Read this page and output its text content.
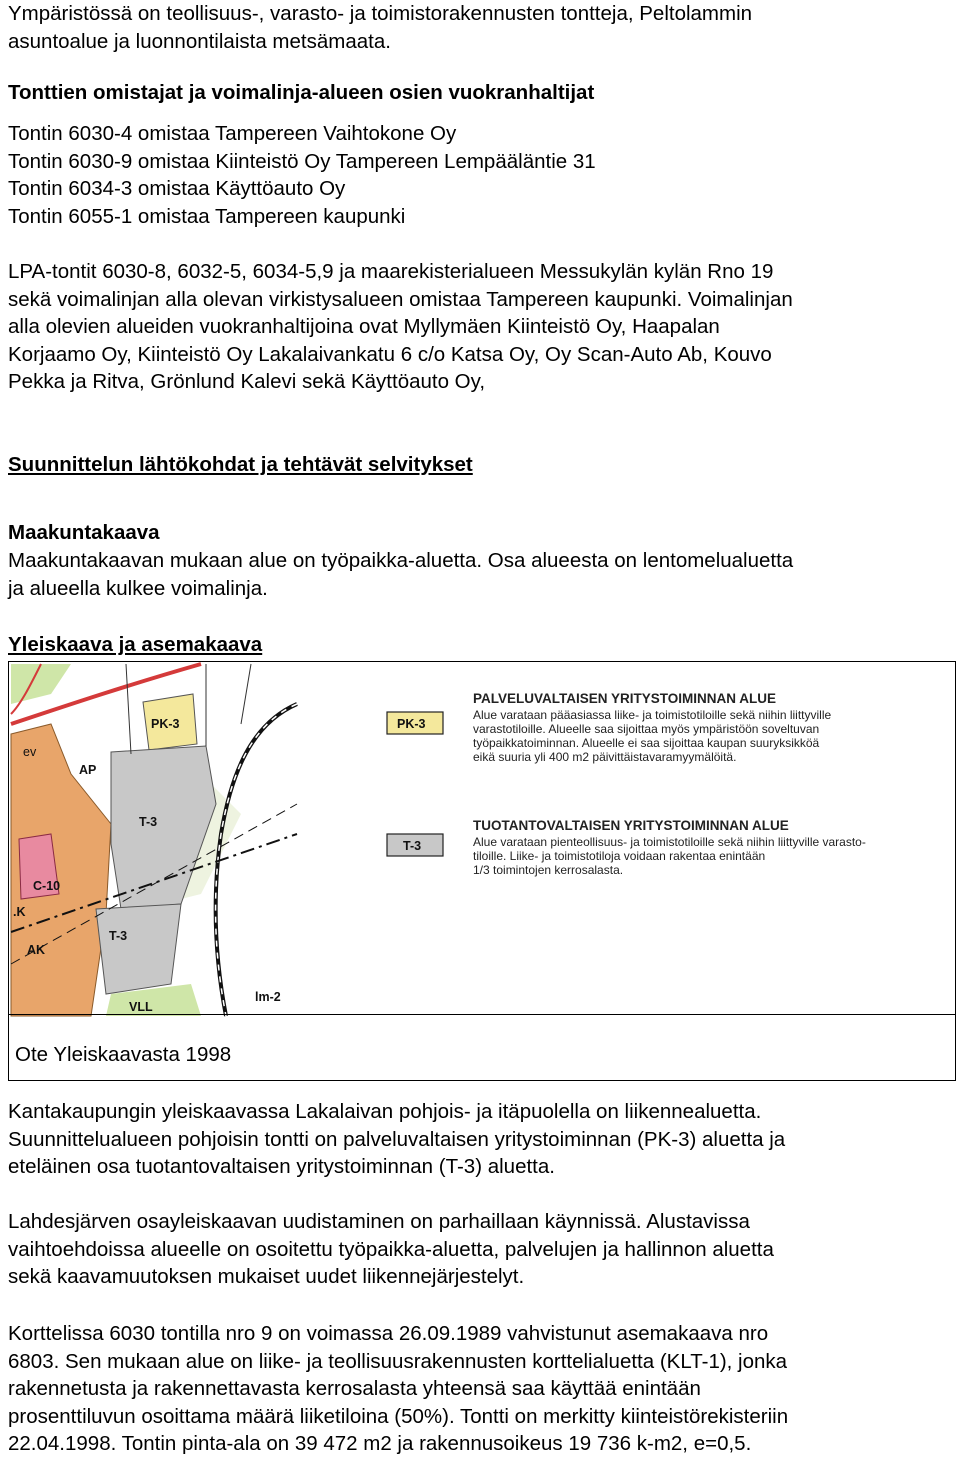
Ympäristössä on teollisuus-, varasto- ja toimistorakennusten tontteja, Peltolammin
asuntoalue ja luonnontilaista metsämaata.

Tonttien omistajat ja voimalinja-alueen osien vuokranhaltijat

Tontin 6030-4 omistaa Tampereen Vaihtokone Oy
Tontin 6030-9 omistaa Kiinteistö Oy Tampereen Lempääläntie 31
Tontin 6034-3 omistaa Käyttöauto Oy
Tontin 6055-1 omistaa Tampereen kaupunki

LPA-tontit 6030-8, 6032-5, 6034-5,9 ja maarekisterialueen Messukylän kylän Rno 19
sekä voimalinjan alla olevan virkistysalueen omistaa Tampereen kaupunki. Voimalinjan
alla olevien alueiden vuokranhaltijoina ovat Myllymäen Kiinteistö Oy, Haapalan
Korjaamo Oy, Kiinteistö Oy Lakalaivankatu 6 c/o Katsa Oy, Oy Scan-Auto Ab, Kouvo
Pekka ja Ritva, Grönlund Kalevi sekä Käyttöauto Oy,

Suunnittelun lähtökohdat ja tehtävät selvitykset

Maakuntakaava

Maakuntakaavan mukaan alue on työpaikka-aluetta. Osa alueesta on lentomelualuetta
ja alueella kulkee voimalinja.

Yleiskaava ja asemakaava

PK-3
ev
AP
T-3
C-10
.K
T-3
AK
VLL
lm-2
PK-3
PALVELUVALTAISEN YRITYSTOIMINNAN ALUE
Alue varataan pääasiassa liike- ja toimistotiloille sekä niihin liittyville
varastotiloille. Alueelle saa sijoittaa myös ympäristöön soveltuvan
työpaikkatoiminnan. Alueelle ei saa sijoittaa kaupan suuryksikköä
eikä suuria yli 400 m2 päivittäistavaramyymälöitä.
T-3
TUOTANTOVALTAISEN YRITYSTOIMINNAN ALUE
Alue varataan pienteollisuus- ja toimistotiloille sekä niihin liittyville varasto-
tiloille. Liike- ja toimistotiloja voidaan rakentaa enintään
1/3 toimintojen kerrosalasta.
Ote Yleiskaavasta 1998

Kantakaupungin yleiskaavassa Lakalaivan pohjois- ja itäpuolella on liikennealuetta.
Suunnittelualueen pohjoisin tontti on palveluvaltaisen yritystoiminnan (PK-3) aluetta ja
eteläinen osa tuotantovaltaisen yritystoiminnan (T-3) aluetta.

Lahdesjärven osayleiskaavan uudistaminen on parhaillaan käynnissä. Alustavissa
vaihtoehdoissa alueelle on osoitettu työpaikka-aluetta, palvelujen ja hallinnon aluetta
sekä kaavamuutoksen mukaiset uudet liikennejärjestelyt.

Korttelissa 6030 tontilla nro 9 on voimassa 26.09.1989 vahvistunut asemakaava nro
6803. Sen mukaan alue on liike- ja teollisuusrakennusten korttelialuetta (KLT-1), jonka
rakennetusta ja rakennettavasta kerrosalasta yhteensä saa käyttää enintään
prosenttiluvun osoittama määrä liiketiloina (50%). Tontti on merkitty kiinteistörekisteriin
22.04.1998. Tontin pinta-ala on 39 472 m2 ja rakennusoikeus 19 736 k-m2, e=0,5.
